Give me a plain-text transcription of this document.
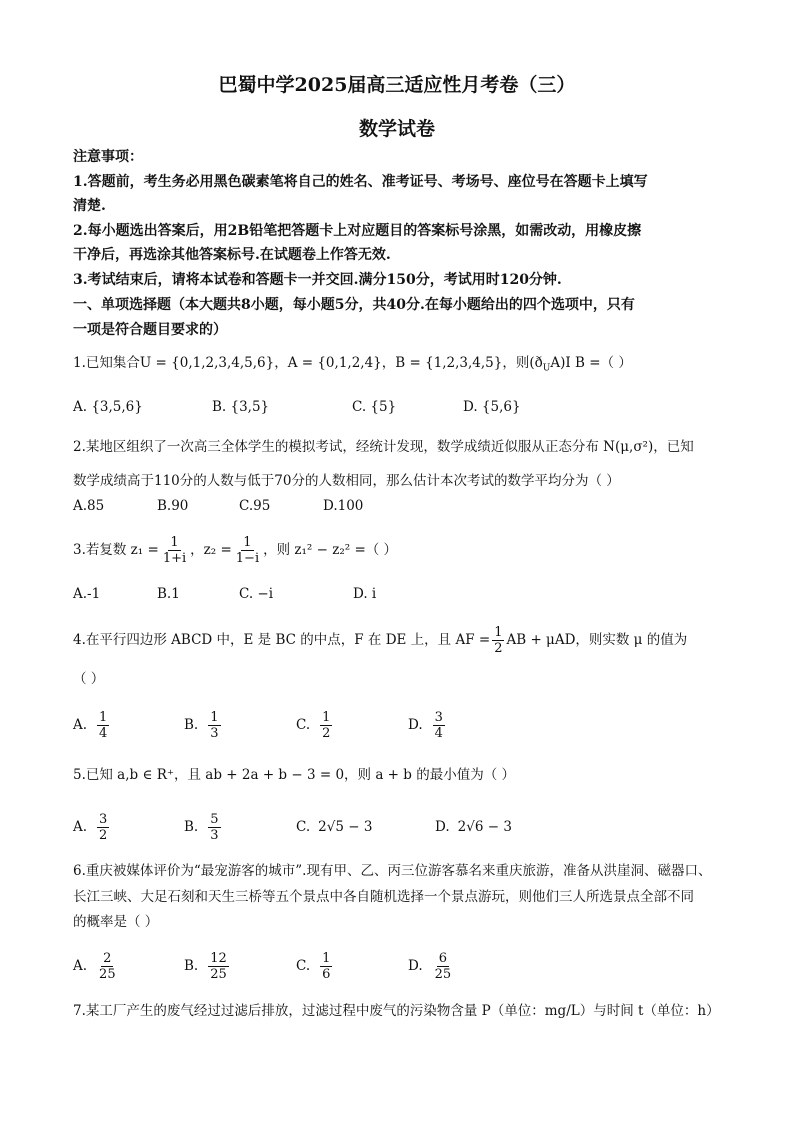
巴蜀中学2025届高三适应性月考卷（三）
数学试卷
注意事项：
1.答题前，考生务必用黑色碳素笔将自己的姓名、准考证号、考场号、座位号在答题卡上填写
清楚.
2.每小题选出答案后，用2B铅笔把答题卡上对应题目的答案标号涂黑，如需改动，用橡皮擦
干净后，再选涂其他答案标号.在试题卷上作答无效.
3.考试结束后，请将本试卷和答题卡一并交回.满分150分，考试用时120分钟.
一、单项选择题（本大题共8小题，每小题5分，共40分.在每小题给出的四个选项中，只有
一项是符合题目要求的）
1.已知集合U = {0,1,2,3,4,5,6}，A = {0,1,2,4}，B = {1,2,3,4,5}，则$(ð_UA)I$ B =（ ）
A. {3,5,6}	B. {3,5}	C. {5}	D. {5,6}
2.某地区组织了一次高三全体学生的模拟考试，经统计发现，数学成绩近似服从正态分布 N(μ,σ²)，已知
数学成绩高于110分的人数与低于70分的人数相同，那么估计本次考试的数学平均分为（ ）
A.85	B.90	C.95	D.100
3.若复数 $z_1 = \frac{1}{1+i}$ ，$z_2 = \frac{1}{1-i}$ ，则 z₁² − z₂² =（ ）
A.-1	B.1	C. −i	D. i
4.在平行四边形 ABCD 中，E 是 BC 的中点，F 在 DE 上，且 AF = $\frac{1}{2}$ AB + μAD，则实数 μ 的值为
（ ）
A. $\frac{1}{4}$	B. $\frac{1}{3}$	C. $\frac{1}{2}$	D. $\frac{3}{4}$
5.已知 a,b ∈ R⁺，且 ab + 2a + b − 3 = 0，则 a + b 的最小值为（ ）
A. $\frac{3}{2}$	B. $\frac{5}{3}$	C. 2√5 − 3	D. 2√6 − 3
6.重庆被媒体评价为“最宠游客的城市”.现有甲、乙、丙三位游客慕名来重庆旅游，准备从洪崖洞、磁器口、
长江三峡、大足石刻和天生三桥等五个景点中各自随机选择一个景点游玩，则他们三人所选景点全部不同
的概率是（ ）
A. $\frac{2}{25}$	B. $\frac{12}{25}$	C. $\frac{1}{6}$	D. $\frac{6}{25}$
7.某工厂产生的废气经过过滤后排放，过滤过程中废气的污染物含量 P（单位：mg/L）与时间 t（单位：h）
